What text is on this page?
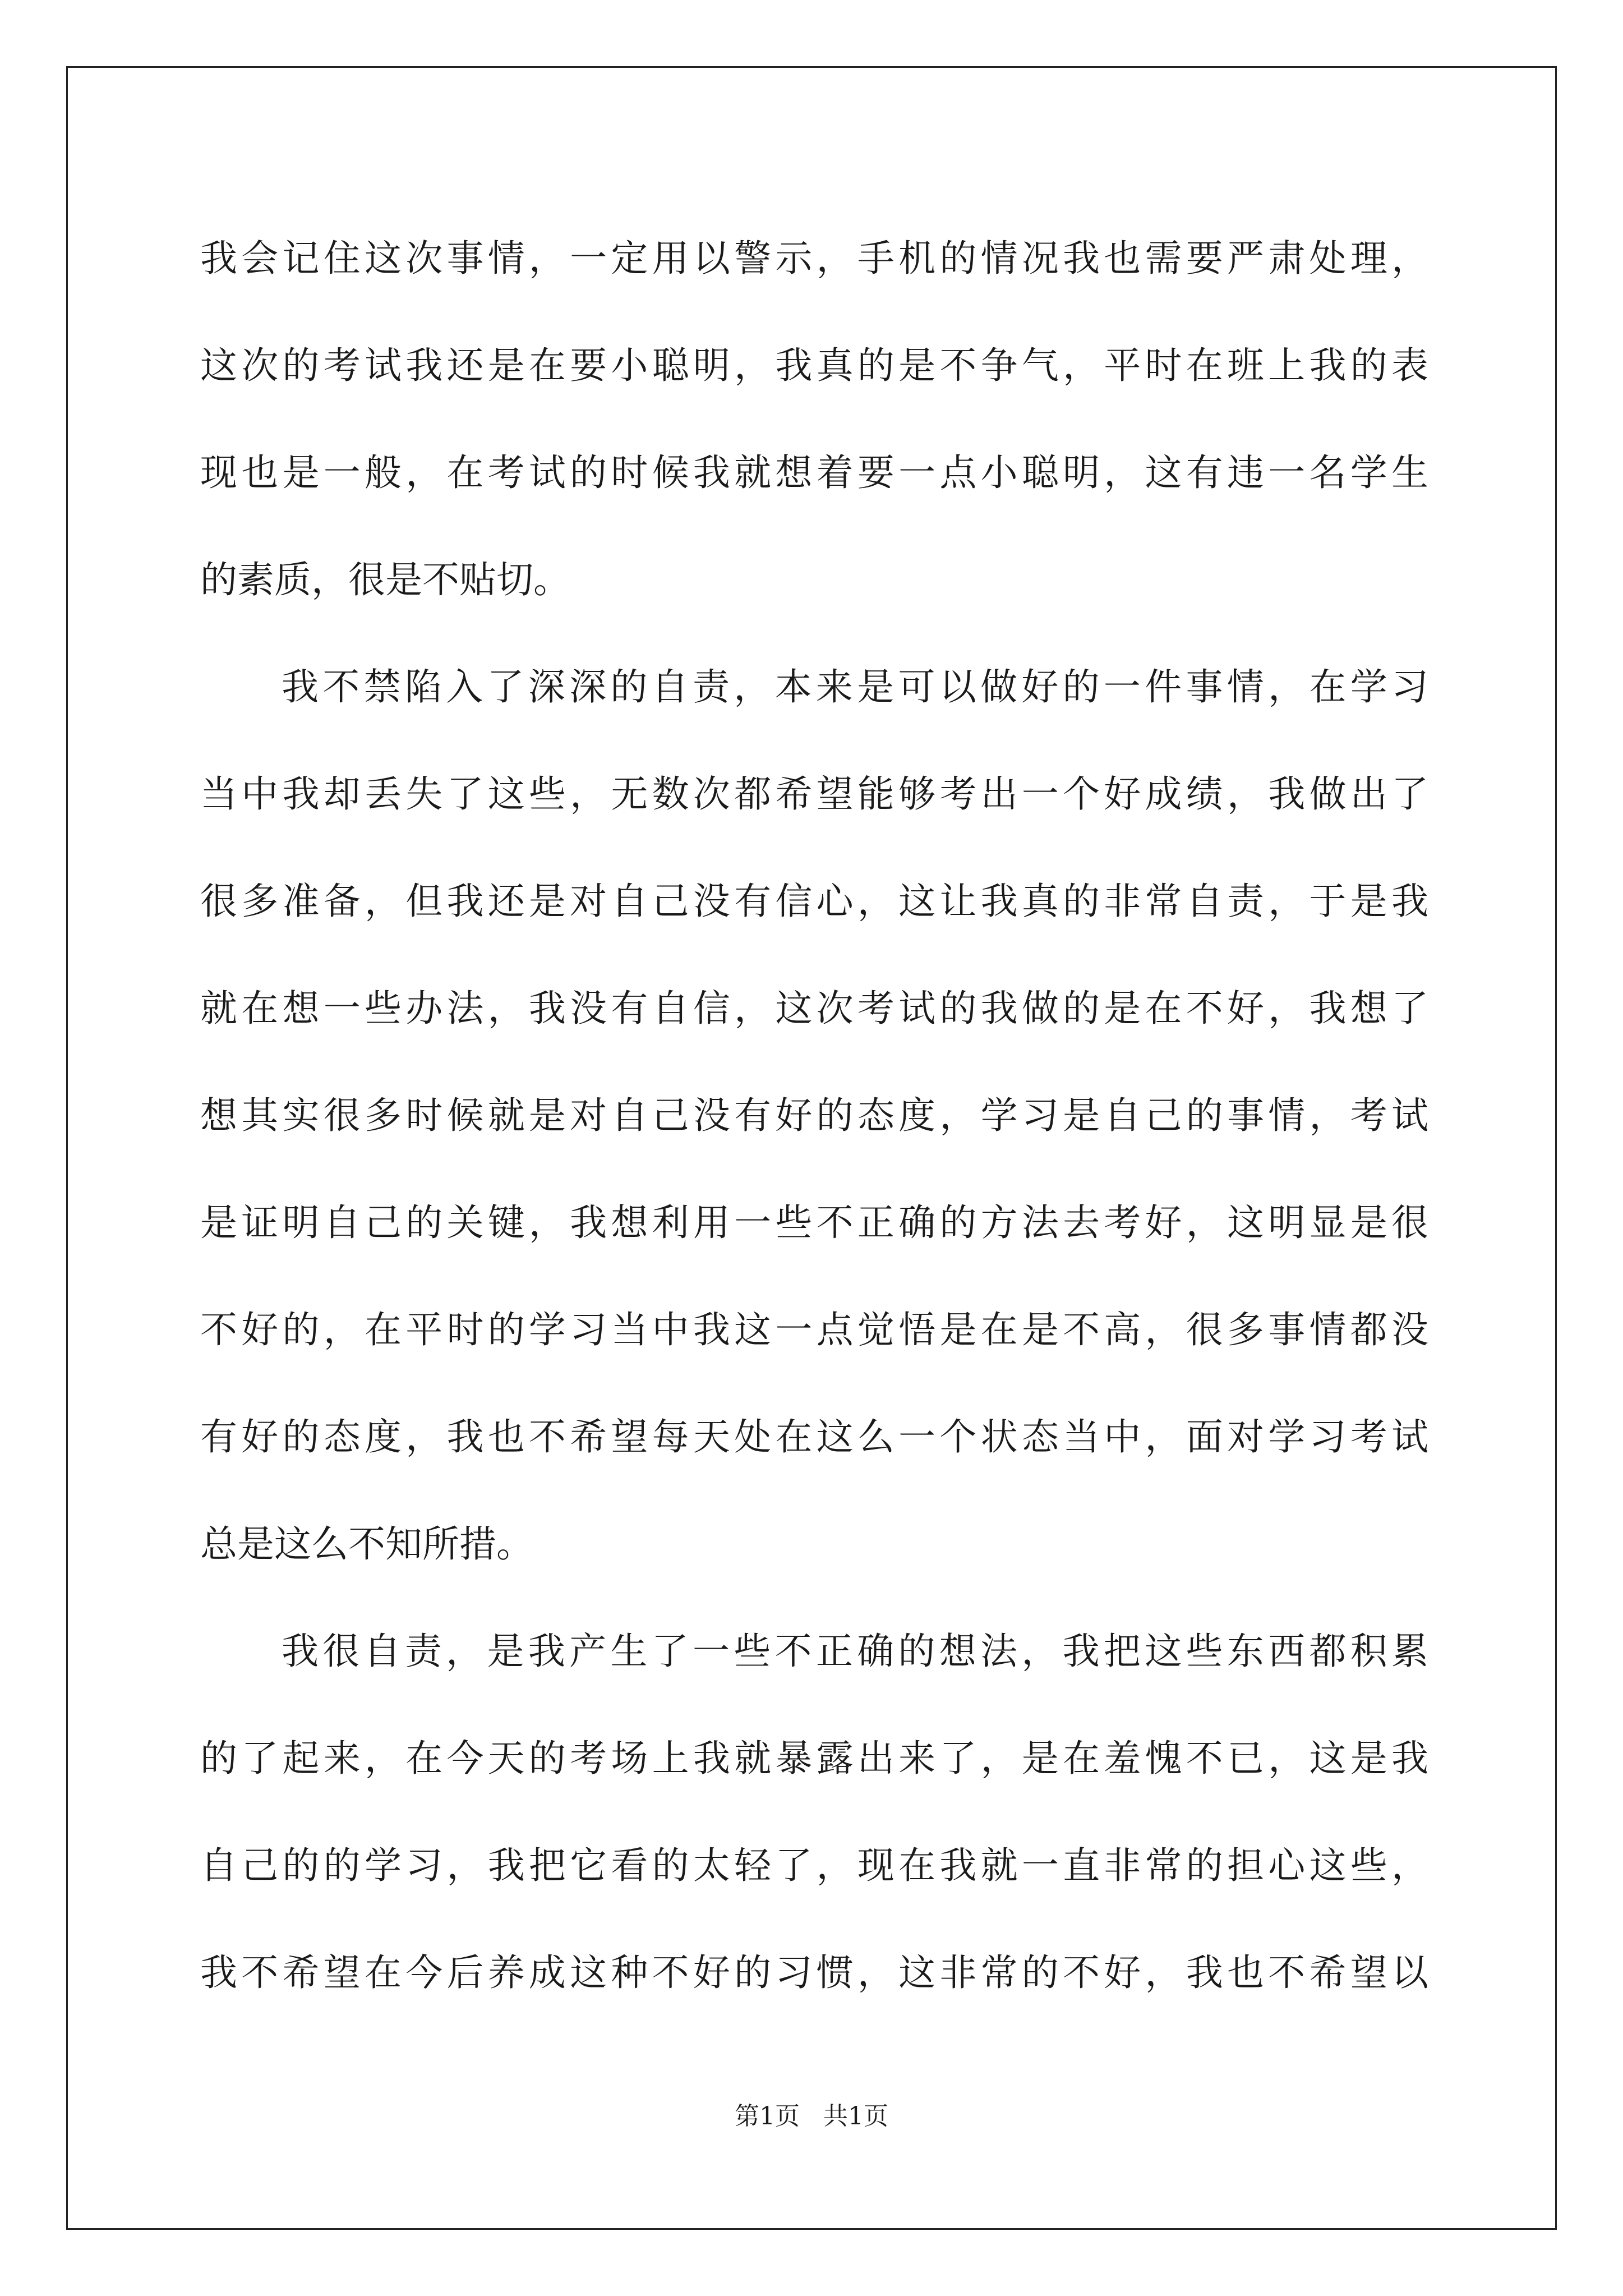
我会记住这次事情，一定用以警示，手机的情况我也需要严肃处理，
这次的考试我还是在要小聪明，我真的是不争气，平时在班上我的表
现也是一般，在考试的时候我就想着要一点小聪明，这有违一名学生
的素质，很是不贴切。
我不禁陷入了深深的自责，本来是可以做好的一件事情，在学习
当中我却丢失了这些，无数次都希望能够考出一个好成绩，我做出了
很多准备，但我还是对自己没有信心，这让我真的非常自责，于是我
就在想一些办法，我没有自信，这次考试的我做的是在不好，我想了
想其实很多时候就是对自己没有好的态度，学习是自己的事情，考试
是证明自己的关键，我想利用一些不正确的方法去考好，这明显是很
不好的，在平时的学习当中我这一点觉悟是在是不高，很多事情都没
有好的态度，我也不希望每天处在这么一个状态当中，面对学习考试
总是这么不知所措。
我很自责，是我产生了一些不正确的想法，我把这些东西都积累
的了起来，在今天的考场上我就暴露出来了，是在羞愧不已，这是我
自己的的学习，我把它看的太轻了，现在我就一直非常的担心这些，
我不希望在今后养成这种不好的习惯，这非常的不好，我也不希望以
第1页   共1页
